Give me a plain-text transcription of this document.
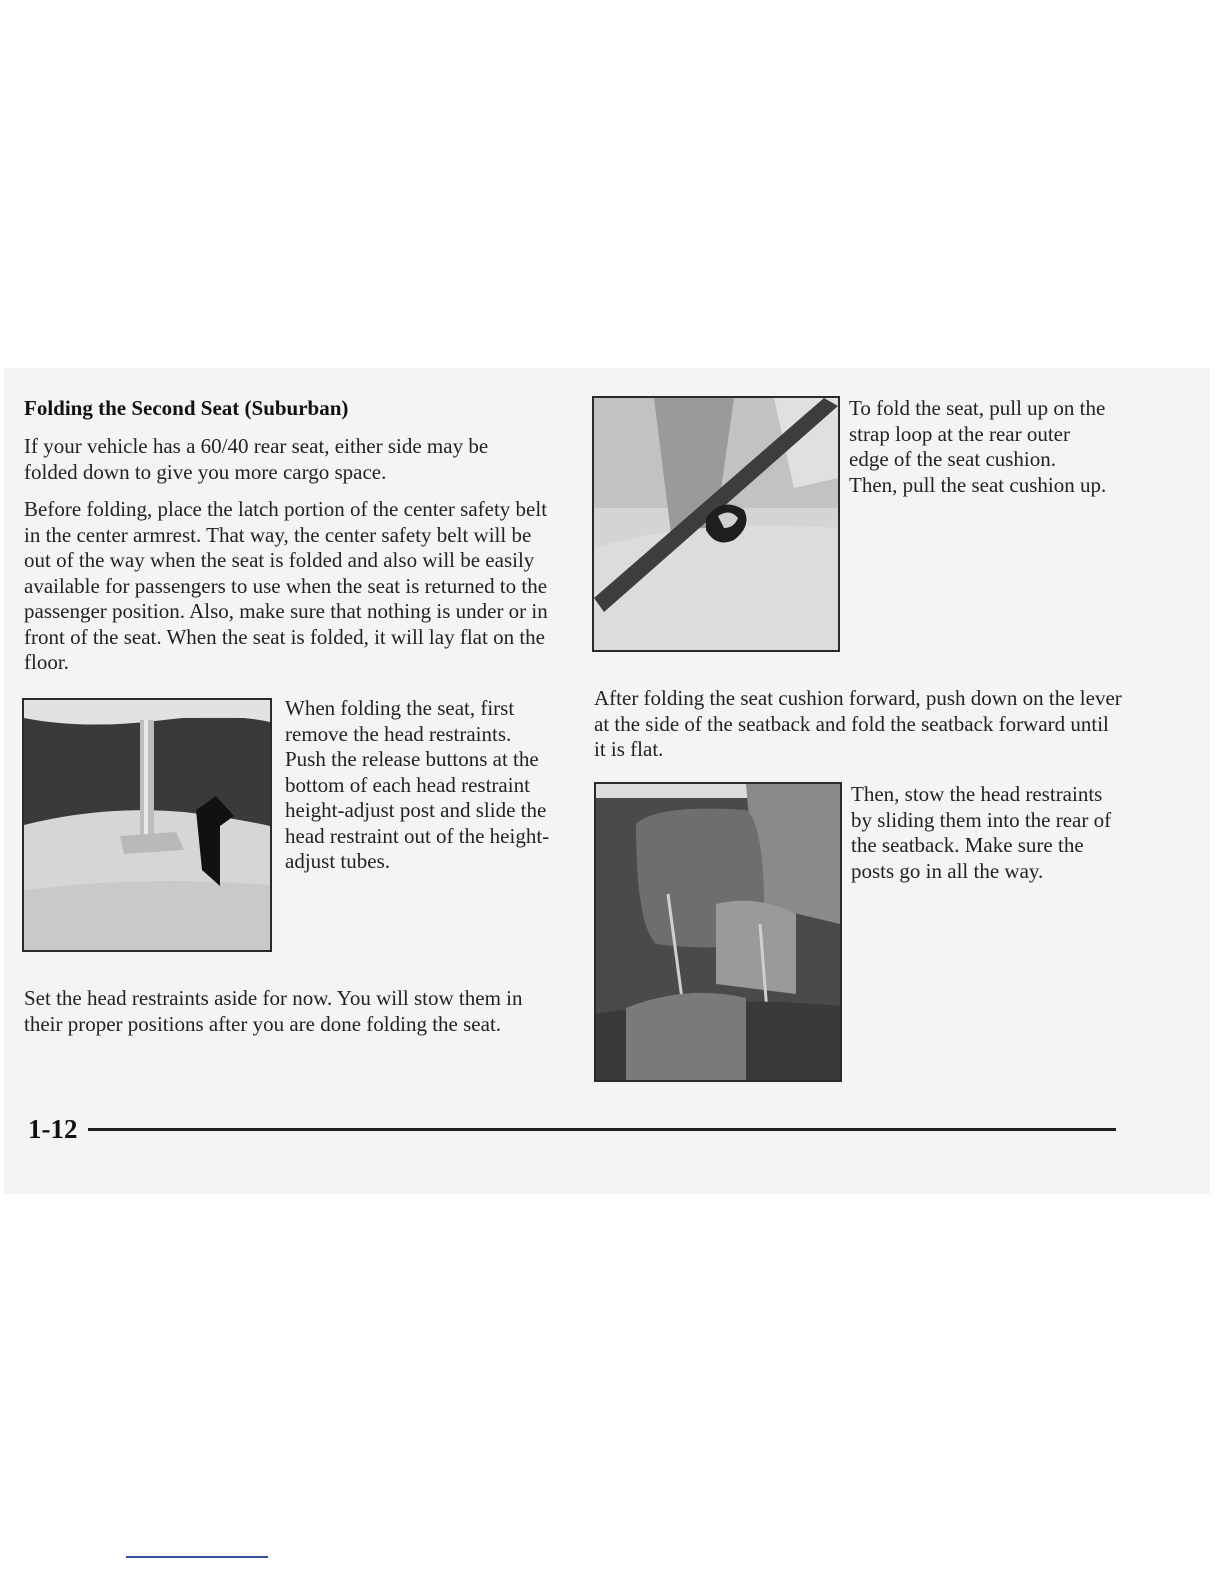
Folding the Second Seat (Suburban)

If your vehicle has a 60/40 rear seat, either side may be folded down to give you more cargo space.

Before folding, place the latch portion of the center safety belt in the center armrest. That way, the center safety belt will be out of the way when the seat is folded and also will be easily available for passengers to use when the seat is returned to the passenger position. Also, make sure that nothing is under or in front of the seat. When the seat is folded, it will lay flat on the floor.

When folding the seat, first remove the head restraints. Push the release buttons at the bottom of each head restraint height-adjust post and slide the head restraint out of the height-adjust tubes.

Set the head restraints aside for now. You will stow them in their proper positions after you are done folding the seat.

To fold the seat, pull up on the strap loop at the rear outer edge of the seat cushion. Then, pull the seat cushion up.

After folding the seat cushion forward, push down on the lever at the side of the seatback and fold the seatback forward until it is flat.

Then, stow the head restraints by sliding them into the rear of the seatback. Make sure the posts go in all the way.

1-12
